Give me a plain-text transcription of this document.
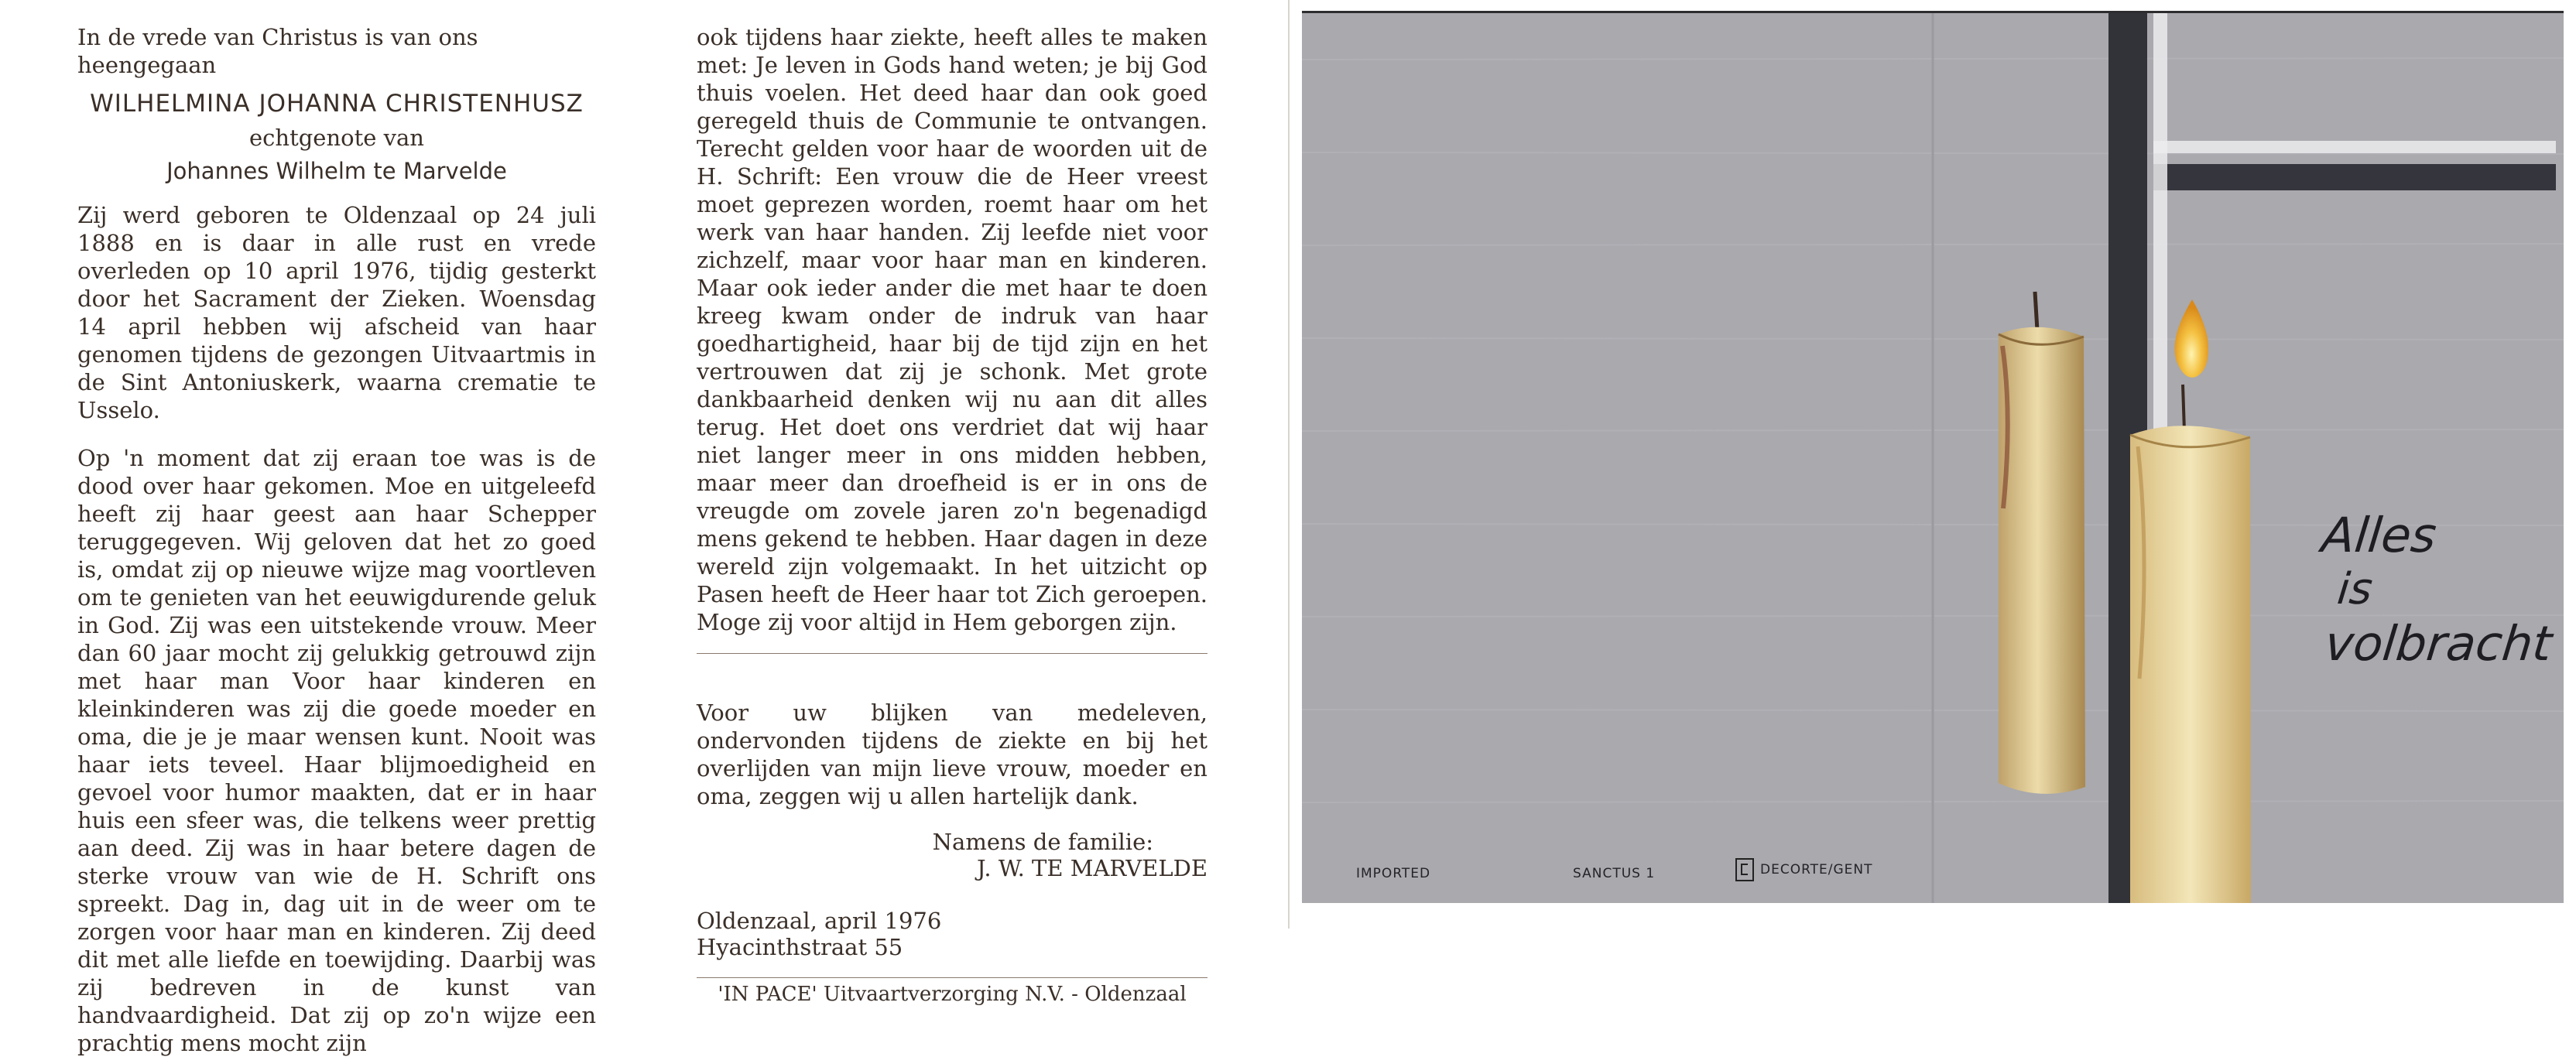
In de vrede van Christus is van ons heengegaan
WILHELMINA JOHANNA CHRISTENHUSZ
echtgenote van
Johannes Wilhelm te Marvelde

Zij werd geboren te Oldenzaal op 24 juli 1888 en is daar in alle rust en vrede overleden op 10 april 1976, tijdig gesterkt door het Sacrament der Zieken. Woensdag 14 april hebben wij afscheid van haar genomen tijdens de gezongen Uitvaartmis in de Sint Antoniuskerk, waarna crematie te Usselo.

Op 'n moment dat zij eraan toe was is de dood over haar gekomen. Moe en uitgeleefd heeft zij haar geest aan haar Schepper teruggegeven. Wij geloven dat het zo goed is, omdat zij op nieuwe wijze mag voortleven om te genieten van het eeuwigdurende geluk in God. Zij was een uitstekende vrouw. Meer dan 60 jaar mocht zij gelukkig getrouwd zijn met haar man Voor haar kinderen en kleinkinderen was zij die goede moeder en oma, die je je maar wensen kunt. Nooit was haar iets teveel. Haar blijmoedigheid en gevoel voor humor maakten, dat er in haar huis een sfeer was, die telkens weer prettig aan deed. Zij was in haar betere dagen de sterke vrouw van wie de H. Schrift ons spreekt. Dag in, dag uit in de weer om te zorgen voor haar man en kinderen. Zij deed dit met alle liefde en toewijding. Daarbij was zij bedreven in de kunst van handvaardigheid. Dat zij op zo'n wijze een prachtig mens mocht zijn

ook tijdens haar ziekte, heeft alles te maken met: Je leven in Gods hand weten; je bij God thuis voelen. Het deed haar dan ook goed geregeld thuis de Communie te ontvangen. Terecht gelden voor haar de woorden uit de H. Schrift: Een vrouw die de Heer vreest moet geprezen worden, roemt haar om het werk van haar handen. Zij leefde niet voor zichzelf, maar voor haar man en kinderen. Maar ook ieder ander die met haar te doen kreeg kwam onder de indruk van haar goedhartigheid, haar bij de tijd zijn en het vertrouwen dat zij je schonk. Met grote dankbaarheid denken wij nu aan dit alles terug. Het doet ons verdriet dat wij haar niet langer meer in ons midden hebben, maar meer dan droefheid is er in ons de vreugde om zovele jaren zo'n begenadigd mens gekend te hebben. Haar dagen in deze wereld zijn volgemaakt. In het uitzicht op Pasen heeft de Heer haar tot Zich geroepen. Moge zij voor altijd in Hem geborgen zijn.

Voor uw blijken van medeleven, ondervonden tijdens de ziekte en bij het overlijden van mijn lieve vrouw, moeder en oma, zeggen wij u allen hartelijk dank.

Namens de familie:
J. W. TE MARVELDE
Oldenzaal, april 1976
Hyacinthstraat 55
'IN PACE' Uitvaartverzorging N.V. - Oldenzaal
Alles
is
volbracht
IMPORTED	SANCTUS 1	DECORTE/GENT
